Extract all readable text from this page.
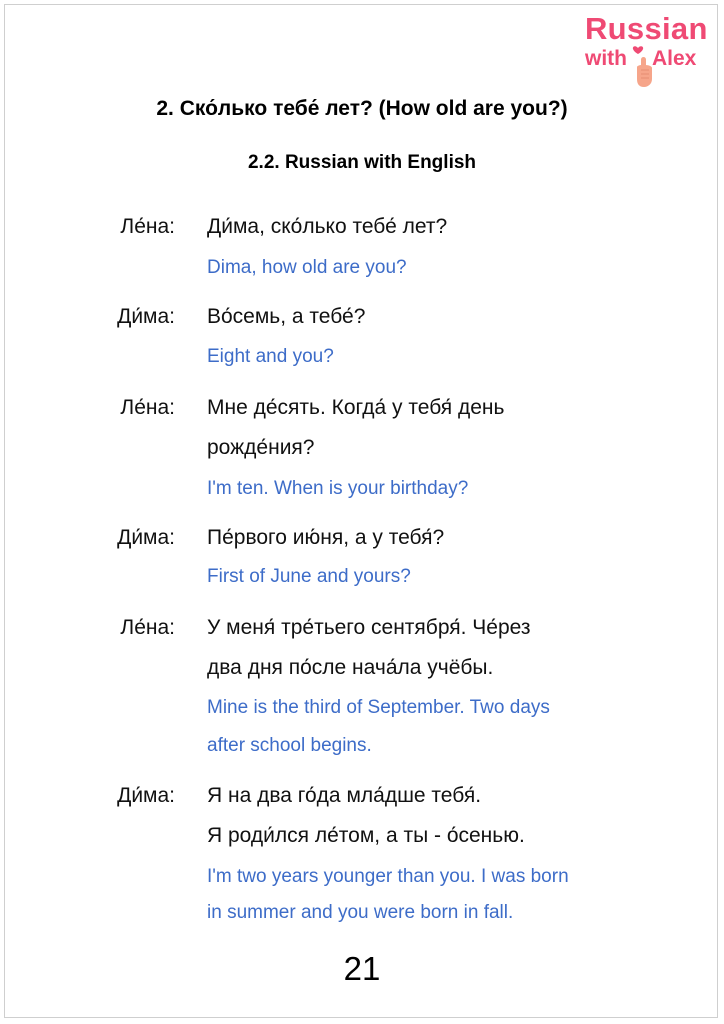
Russian
with Alex
2. Ско́лько тебе́ лет? (How old are you?)
2.2. Russian with English
Ле́на: Ди́ма, ско́лько тебе́ лет?
Dima, how old are you?
Ди́ма: Во́семь, а тебе́?
Eight and you?
Ле́на: Мне де́сять. Когда́ у тебя́ день
рожде́ния?
I'm ten. When is your birthday?
Ди́ма: Пе́рвого ию́ня, а у тебя́?
First of June and yours?
Ле́на: У меня́ тре́тьего сентября́. Че́рез
два дня по́сле нача́ла учёбы.
Mine is the third of September. Two days
after school begins.
Ди́ма: Я на два го́да мла́дше тебя́.
Я роди́лся ле́том, а ты - о́сенью.
I'm two years younger than you. I was born
in summer and you were born in fall.
21
